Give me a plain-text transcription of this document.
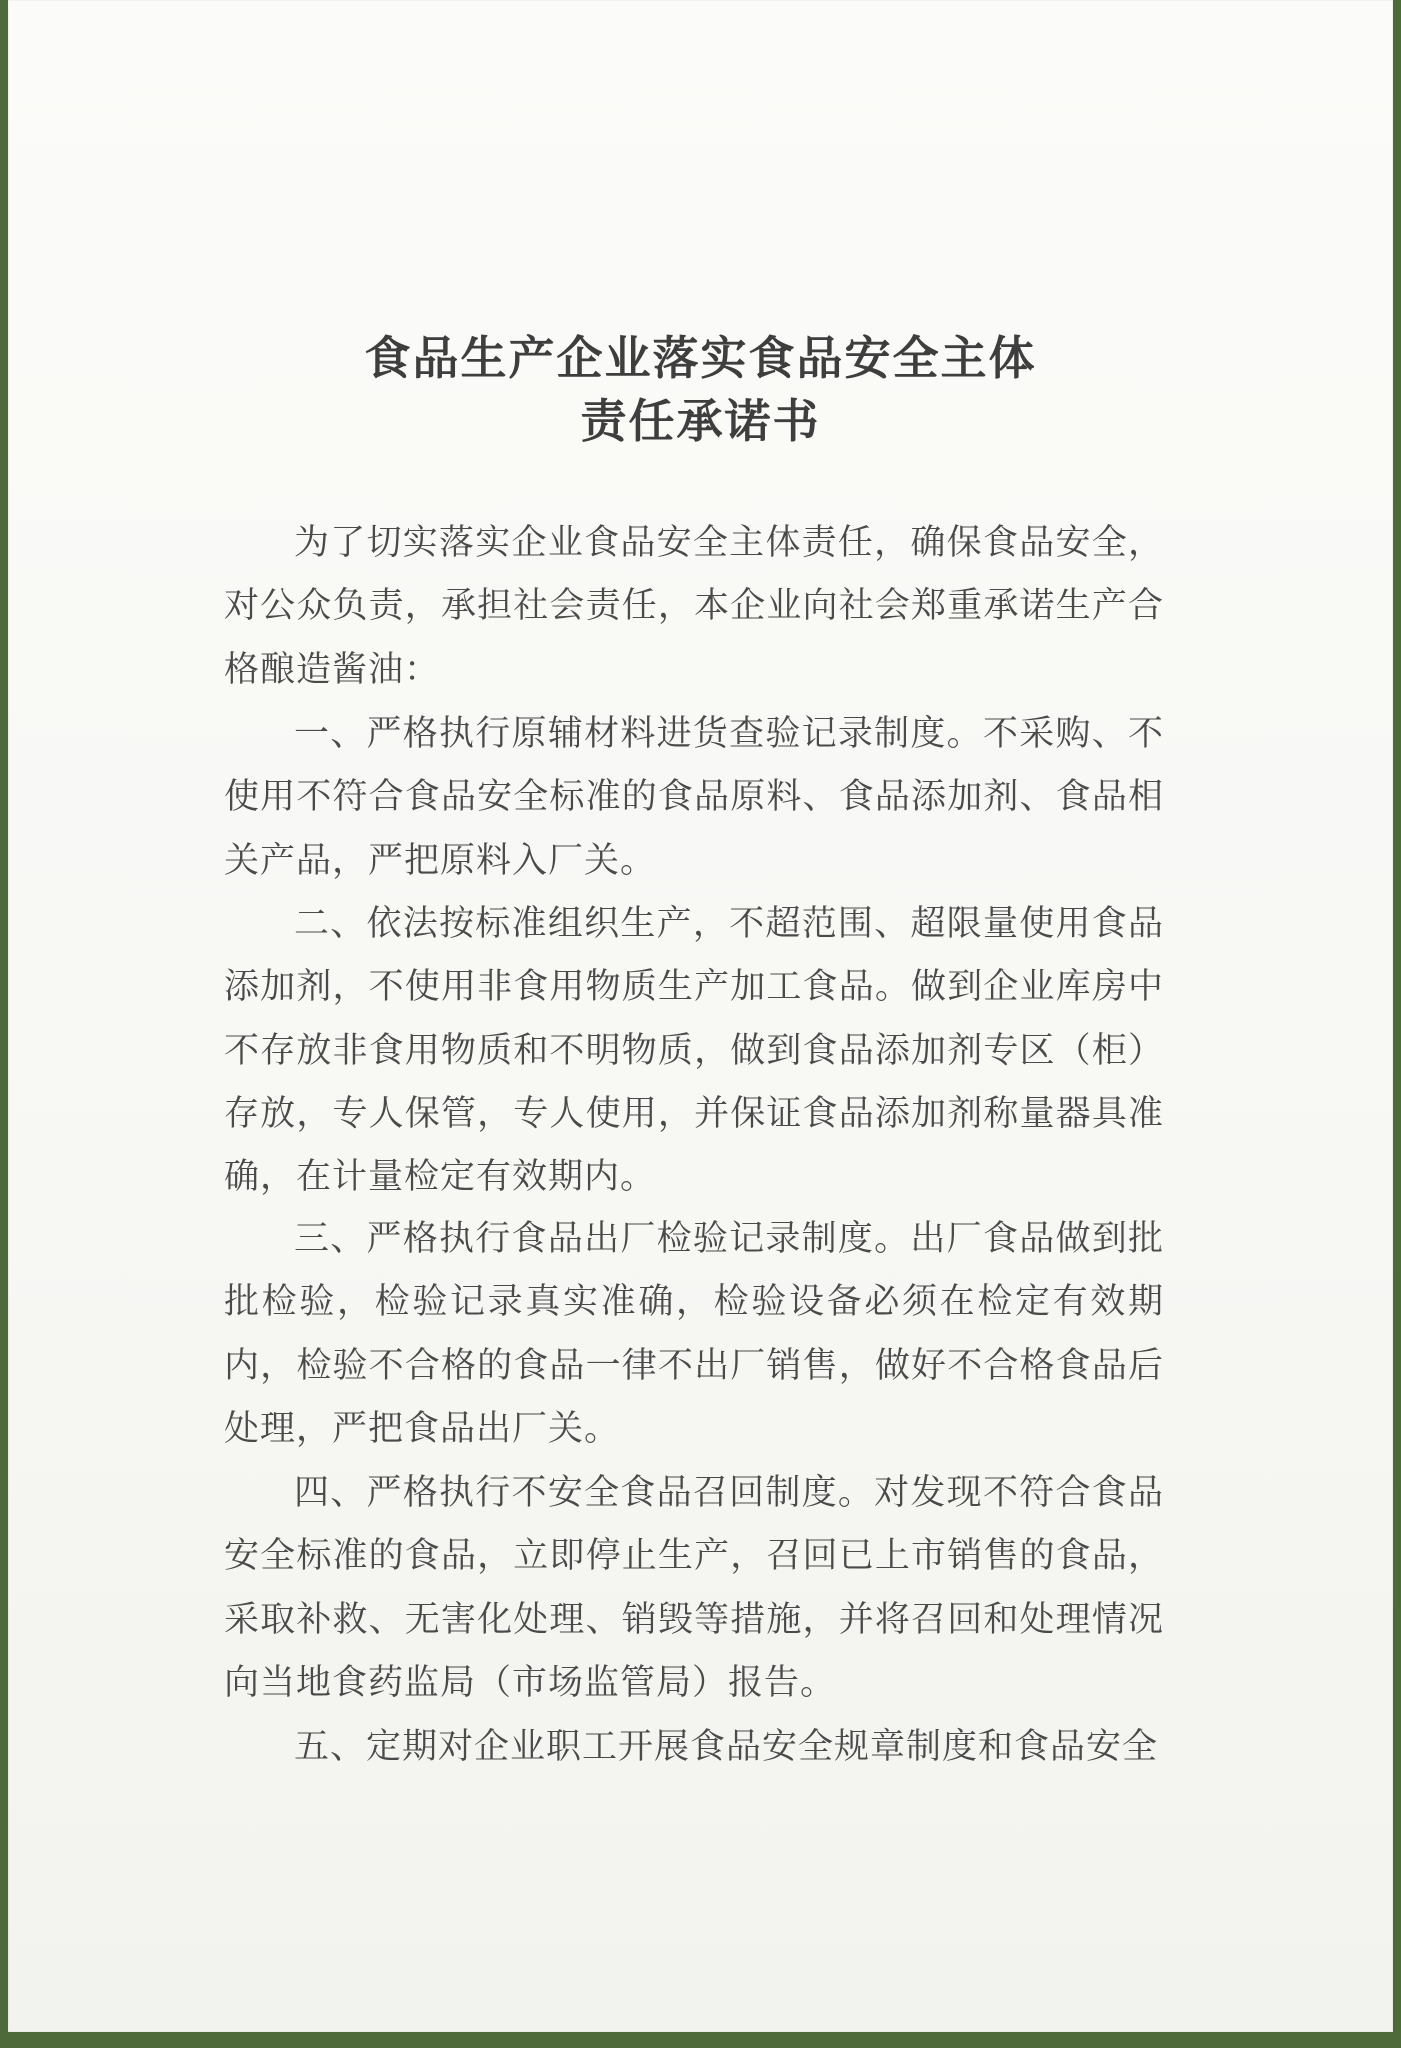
食品生产企业落实食品安全主体
责任承诺书

为了切实落实企业食品安全主体责任，确保食品安全，对公众负责，承担社会责任，本企业向社会郑重承诺生产合格酿造酱油：

一、严格执行原辅材料进货查验记录制度。不采购、不使用不符合食品安全标准的食品原料、食品添加剂、食品相关产品，严把原料入厂关。

二、依法按标准组织生产，不超范围、超限量使用食品添加剂，不使用非食用物质生产加工食品。做到企业库房中不存放非食用物质和不明物质，做到食品添加剂专区（柜）存放，专人保管，专人使用，并保证食品添加剂称量器具准确，在计量检定有效期内。

三、严格执行食品出厂检验记录制度。出厂食品做到批批检验，检验记录真实准确，检验设备必须在检定有效期内，检验不合格的食品一律不出厂销售，做好不合格食品后处理，严把食品出厂关。

四、严格执行不安全食品召回制度。对发现不符合食品安全标准的食品，立即停止生产，召回已上市销售的食品，采取补救、无害化处理、销毁等措施，并将召回和处理情况向当地食药监局（市场监管局）报告。

五、定期对企业职工开展食品安全规章制度和食品安全
